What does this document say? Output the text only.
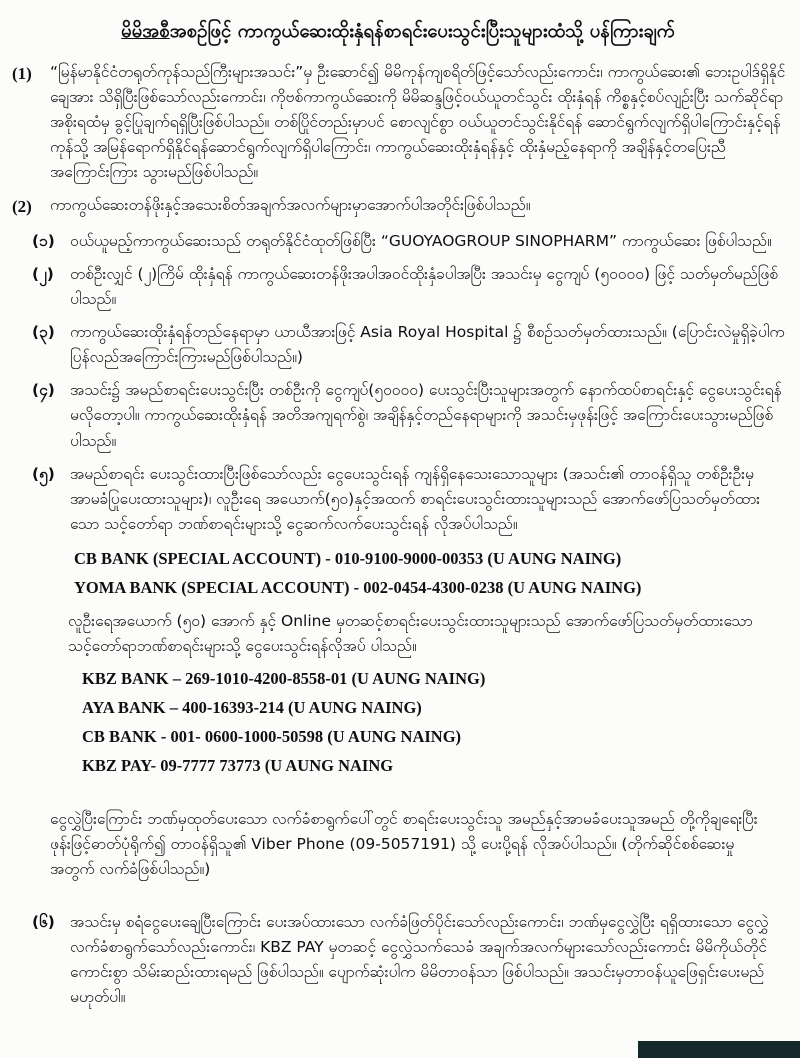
မိမိအစီအစဉ်ဖြင့် ကာကွယ်ဆေးထိုးနှံရန်စာရင်းပေးသွင်းပြီးသူများထံသို့ ပန်ကြားချက်
(1)	“မြန်မာနိုင်ငံတရုတ်ကုန်သည်ကြီးများအသင်း”မှ ဦးဆောင်၍ မိမိကုန်ကျစရိတ်ဖြင့်သော်လည်းကောင်း၊ ကာကွယ်ဆေး၏ ဘေးဥပါဒ်ရှိနိုင်ချေအား သိရှိပြီးဖြစ်သော်လည်းကောင်း၊ ကိုဗစ်ကာကွယ်ဆေးကို မိမိဆန္ဒဖြင့်ဝယ်ယူတင်သွင်း ထိုးနှံရန် ကိစ္စနှင့်စပ်လျဉ်းပြီး သက်ဆိုင်ရာအစိုးရထံမှ ခွင့်ပြုချက်ရရှိပြီးဖြစ်ပါသည်။ တစ်ပြိုင်တည်းမှာပင် စောလျင်စွာ ဝယ်ယူတင်သွင်းနိုင်ရန် ဆောင်ရွက်လျက်ရှိပါကြောင်းနှင့်ရန်ကုန်သို့ အမြန်ရောက်ရှိနိုင်ရန်ဆောင်ရွက်လျက်ရှိပါကြောင်း၊ ကာကွယ်ဆေးထိုးနှံရန်နှင့် ထိုးနှံမည့်နေရာကို အချိန်နှင့်တပြေးညီအကြောင်းကြား သွားမည်ဖြစ်ပါသည်။
(2)	ကာကွယ်ဆေးတန်ဖိုးနှင့်အသေးစိတ်အချက်အလက်များမှာအောက်ပါအတိုင်းဖြစ်ပါသည်။
(၁) ဝယ်ယူမည့်ကာကွယ်ဆေးသည် တရုတ်နိုင်ငံထုတ်ဖြစ်ပြီး “GUOYAOGROUP SINOPHARM” ကာကွယ်ဆေး ဖြစ်ပါသည်။
(၂)	တစ်ဦးလျှင် (၂)ကြိမ် ထိုးနှံရန် ကာကွယ်ဆေးတန်ဖိုးအပါအဝင်ထိုးနှံခပါအပြီး အသင်းမှ ငွေကျပ် (၅၀၀၀၀) ဖြင့် သတ်မှတ်မည်ဖြစ်ပါသည်။
(၃) ကာကွယ်ဆေးထိုးနှံရန်တည်နေရာမှာ ယာယီအားဖြင့် Asia Royal Hospital ၌ စီစဉ်သတ်မှတ်ထားသည်။ (ပြောင်းလဲမှုရှိခဲ့ပါက ပြန်လည်အကြောင်းကြားမည်ဖြစ်ပါသည်။)
(၄) အသင်း၌ အမည်စာရင်းပေးသွင်းပြီး တစ်ဦးကို ငွေကျပ်(၅၀၀၀၀) ပေးသွင်းပြီးသူများအတွက် နောက်ထပ်စာရင်းနှင့် ငွေပေးသွင်းရန်မလိုတော့ပါ။ ကာကွယ်ဆေးထိုးနှံရန် အတိအကျရက်စွဲ၊ အချိန်နှင့်တည်နေရာများကို အသင်းမှဖုန်းဖြင့် အကြောင်းပေးသွားမည်ဖြစ်ပါသည်။
(၅) အမည်စာရင်း ပေးသွင်းထားပြီးဖြစ်သော်လည်း ငွေပေးသွင်းရန် ကျန်ရှိနေသေးသောသူများ (အသင်း၏ တာဝန်ရှိသူ တစ်ဦးဦးမှ အာမခံပြုပေးထားသူများ)၊ လူဦးရေ အယောက်(၅၀)နှင့်အထက် စာရင်းပေးသွင်းထားသူများသည် အောက်ဖော်ပြသတ်မှတ်ထားသော သင့်တော်ရာ ဘဏ်စာရင်းများသို့ ငွေဆက်လက်ပေးသွင်းရန် လိုအပ်ပါသည်။
CB BANK (SPECIAL ACCOUNT) - 010-9100-9000-00353 (U AUNG NAING)
YOMA BANK (SPECIAL ACCOUNT) - 002-0454-4300-0238 (U AUNG NAING)
လူဦးရေအယောက် (၅၀) အောက် နှင့် Online မှတဆင့်စာရင်းပေးသွင်းထားသူများသည် အောက်ဖော်ပြသတ်မှတ်ထားသောသင့်တော်ရာဘဏ်စာရင်းများသို့ ငွေပေးသွင်းရန်လိုအပ် ပါသည်။
KBZ BANK – 269-1010-4200-8558-01 (U AUNG NAING)
AYA BANK – 400-16393-214 (U AUNG NAING)
CB BANK - 001- 0600-1000-50598 (U AUNG NAING)
KBZ PAY- 09-7777 73773 (U AUNG NAING
ငွေလွှဲပြီးကြောင်း ဘဏ်မှထုတ်ပေးသော လက်ခံစာရွက်ပေါ်တွင် စာရင်းပေးသွင်းသူ အမည်နှင့်အာမခံပေးသူအမည် တို့ကိုချရေးပြီး ဖုန်းဖြင့်ဓာတ်ပုံရိုက်၍ တာဝန်ရှိသူ၏ Viber Phone (09-5057191) သို့ ပေးပို့ရန် လိုအပ်ပါသည်။ (တိုက်ဆိုင်စစ်ဆေးမှုအတွက် လက်ခံဖြစ်ပါသည်။)
(၆) အသင်းမှ စရံငွေပေးချေပြီးကြောင်း ပေးအပ်ထားသော လက်ခံဖြတ်ပိုင်းသော်လည်းကောင်း၊ ဘဏ်မှငွေလွှဲပြီး ရရှိထားသော ငွေလွှဲလက်ခံစာရွက်သော်လည်းကောင်း၊ KBZ PAY မှတဆင့် ငွေလွှဲသက်သေခံ အချက်အလက်များသော်လည်းကောင်း မိမိကိုယ်တိုင်ကောင်းစွာ သိမ်းဆည်းထားရမည် ဖြစ်ပါသည်။ ပျောက်ဆုံးပါက မိမိတာဝန်သာ ဖြစ်ပါသည်။ အသင်းမှတာဝန်ယူဖြေရှင်းပေးမည်မဟုတ်ပါ။
